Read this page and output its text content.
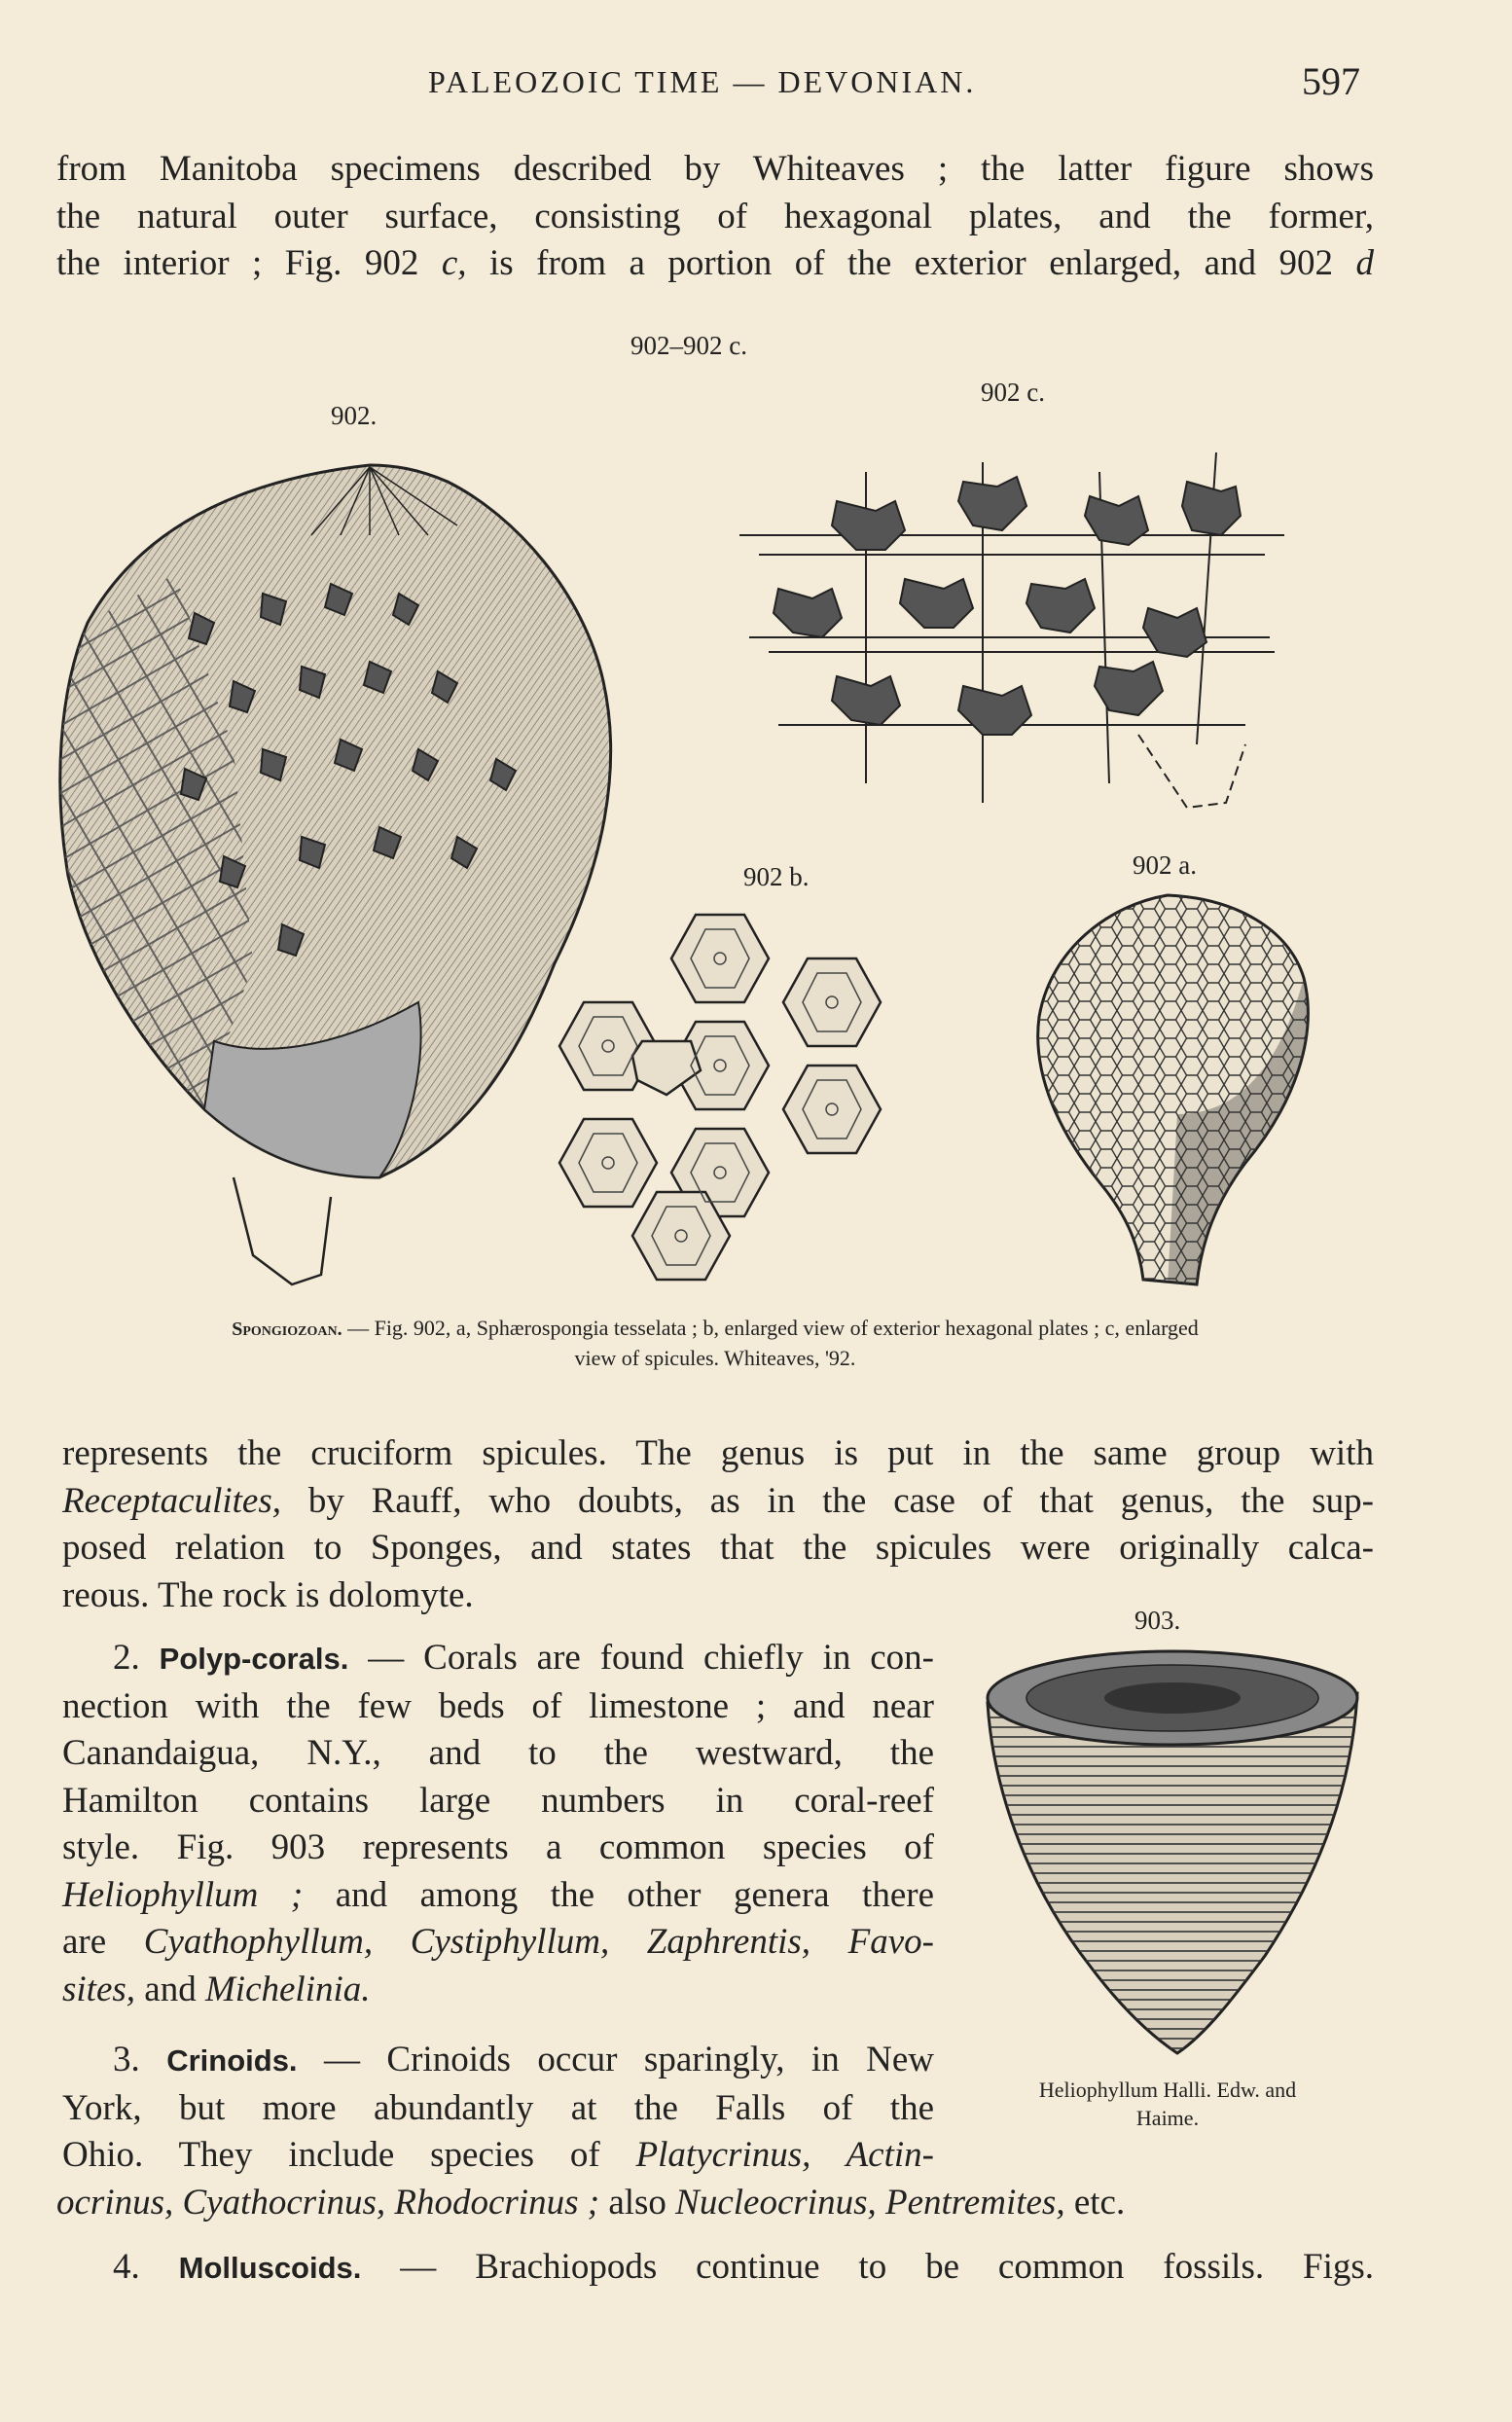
PALEOZOIC TIME — DEVONIAN.	597
from Manitoba specimens described by Whiteaves ; the latter figure shows
the natural outer surface, consisting of hexagonal plates, and the former,
the interior ; Fig. 902 c, is from a portion of the exterior enlarged, and 902 d
902–902 c.
902.
902 c.
902 b.	902 a.
Spongiozoan. — Fig. 902, a, Sphærospongia tesselata ; b, enlarged view of exterior hexagonal plates ; c, enlarged
view of spicules. Whiteaves, '92.
represents the cruciform spicules. The genus is put in the same group with
Receptaculites, by Rauff, who doubts, as in the case of that genus, the sup-
posed relation to Sponges, and states that the spicules were originally calca-
reous. The rock is dolomyte.
2. Polyp-corals. — Corals are found chiefly in con-
nection with the few beds of limestone ; and near
Canandaigua, N.Y., and to the westward, the
Hamilton contains large numbers in coral-reef
style. Fig. 903 represents a common species of
Heliophyllum ; and among the other genera there
are Cyathophyllum, Cystiphyllum, Zaphrentis, Favo-
sites, and Michelinia.
903.
Heliophyllum Halli. Edw. and
Haime.
3. Crinoids. — Crinoids occur sparingly, in New
York, but more abundantly at the Falls of the
Ohio. They include species of Platycrinus, Actin-
ocrinus, Cyathocrinus, Rhodocrinus ; also Nucleocrinus, Pentremites, etc.
4. Molluscoids. — Brachiopods continue to be common fossils. Figs.
